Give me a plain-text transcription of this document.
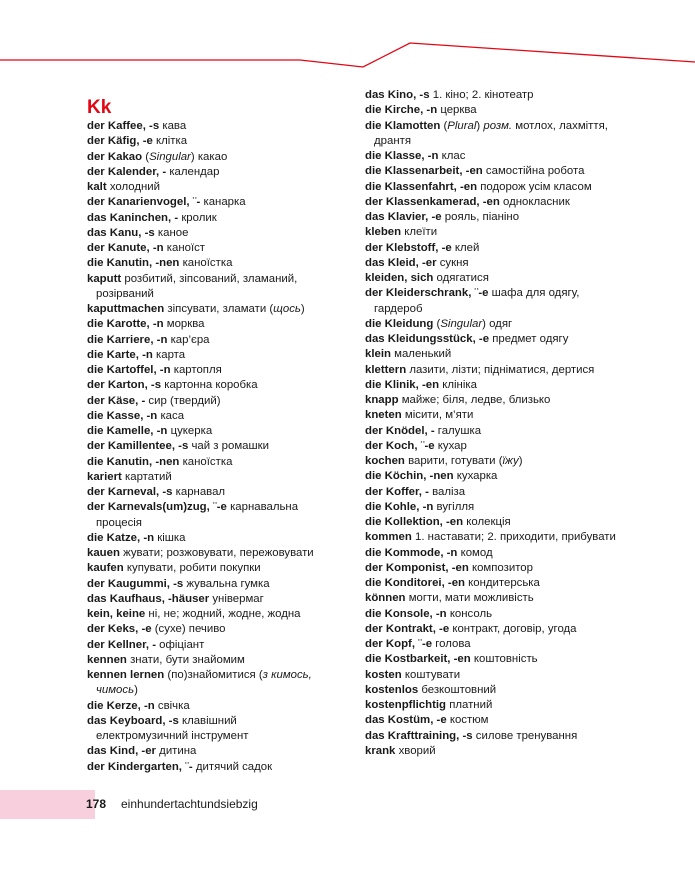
Kk
der Kaffee, -s кава
der Käfig, -e клітка
der Kakao (Singular) какао
der Kalender, - календар
kalt холодний
der Kanarienvogel, ¨- канарка
das Kaninchen, - кролик
das Kanu, -s каное
der Kanute, -n каноїст
die Kanutin, -nen каноїстка
kaputt розбитий, зіпсований, зламаний, розірваний
kaputtmachen зіпсувати, зламати (щось)
die Karotte, -n морква
die Karriere, -n кар’єра
die Karte, -n карта
die Kartoffel, -n картопля
der Karton, -s картонна коробка
der Käse, - сир (твердий)
die Kasse, -n каса
die Kamelle, -n цукерка
der Kamillentee, -s чай з ромашки
die Kanutin, -nen каноїстка
kariert картатий
der Karneval, -s карнавал
der Karnevals(um)zug, ¨-e карнавальна процесія
die Katze, -n кішка
kauen жувати; розжовувати, пережовувати
kaufen купувати, робити покупки
der Kaugummi, -s жувальна гумка
das Kaufhaus, -häuser універмаг
kein, keine ні, не; жодний, жодне, жодна
der Keks, -e (сухе) печиво
der Kellner, - офіціант
kennen знати, бути знайомим
kennen lernen (по)знайомитися (з кимось, чимось)
die Kerze, -n свічка
das Keyboard, -s клавішний електромузичний інструмент
das Kind, -er дитина
der Kindergarten, ¨- дитячий садок
das Kino, -s 1. кіно; 2. кінотеатр
die Kirche, -n церква
die Klamotten (Plural) розм. мотлох, лахміття, дрантя
die Klasse, -n клас
die Klassenarbeit, -en самостійна робота
die Klassenfahrt, -en подорож усім класом
der Klassenkamerad, -en однокласник
das Klavier, -e рояль, піаніно
kleben клеїти
der Klebstoff, -e клей
das Kleid, -er сукня
kleiden, sich одягатися
der Kleiderschrank, ¨-e шафа для одягу, гардероб
die Kleidung (Singular) одяг
das Kleidungsstück, -e предмет одягу
klein маленький
klettern лазити, лізти; підніматися, дертися
die Klinik, -en клініка
knapp майже; біля, ледве, близько
kneten місити, м’яти
der Knödel, - галушка
der Koch, ¨-e кухар
kochen варити, готувати (їжу)
die Köchin, -nen кухарка
der Koffer, - валіза
die Kohle, -n вугілля
die Kollektion, -en колекція
kommen 1. наставати; 2. приходити, прибувати
die Kommode, -n комод
der Komponist, -en композитор
die Konditorei, -en кондитерська
können могти, мати можливість
die Konsole, -n консоль
der Kontrakt, -e контракт, договір, угода
der Kopf, ¨-e голова
die Kostbarkeit, -en коштовність
kosten коштувати
kostenlos безкоштовний
kostenpflichtig платний
das Kostüm, -e костюм
das Krafttraining, -s силове тренування
krank хворий
178 einhundertachtundsiebzig
